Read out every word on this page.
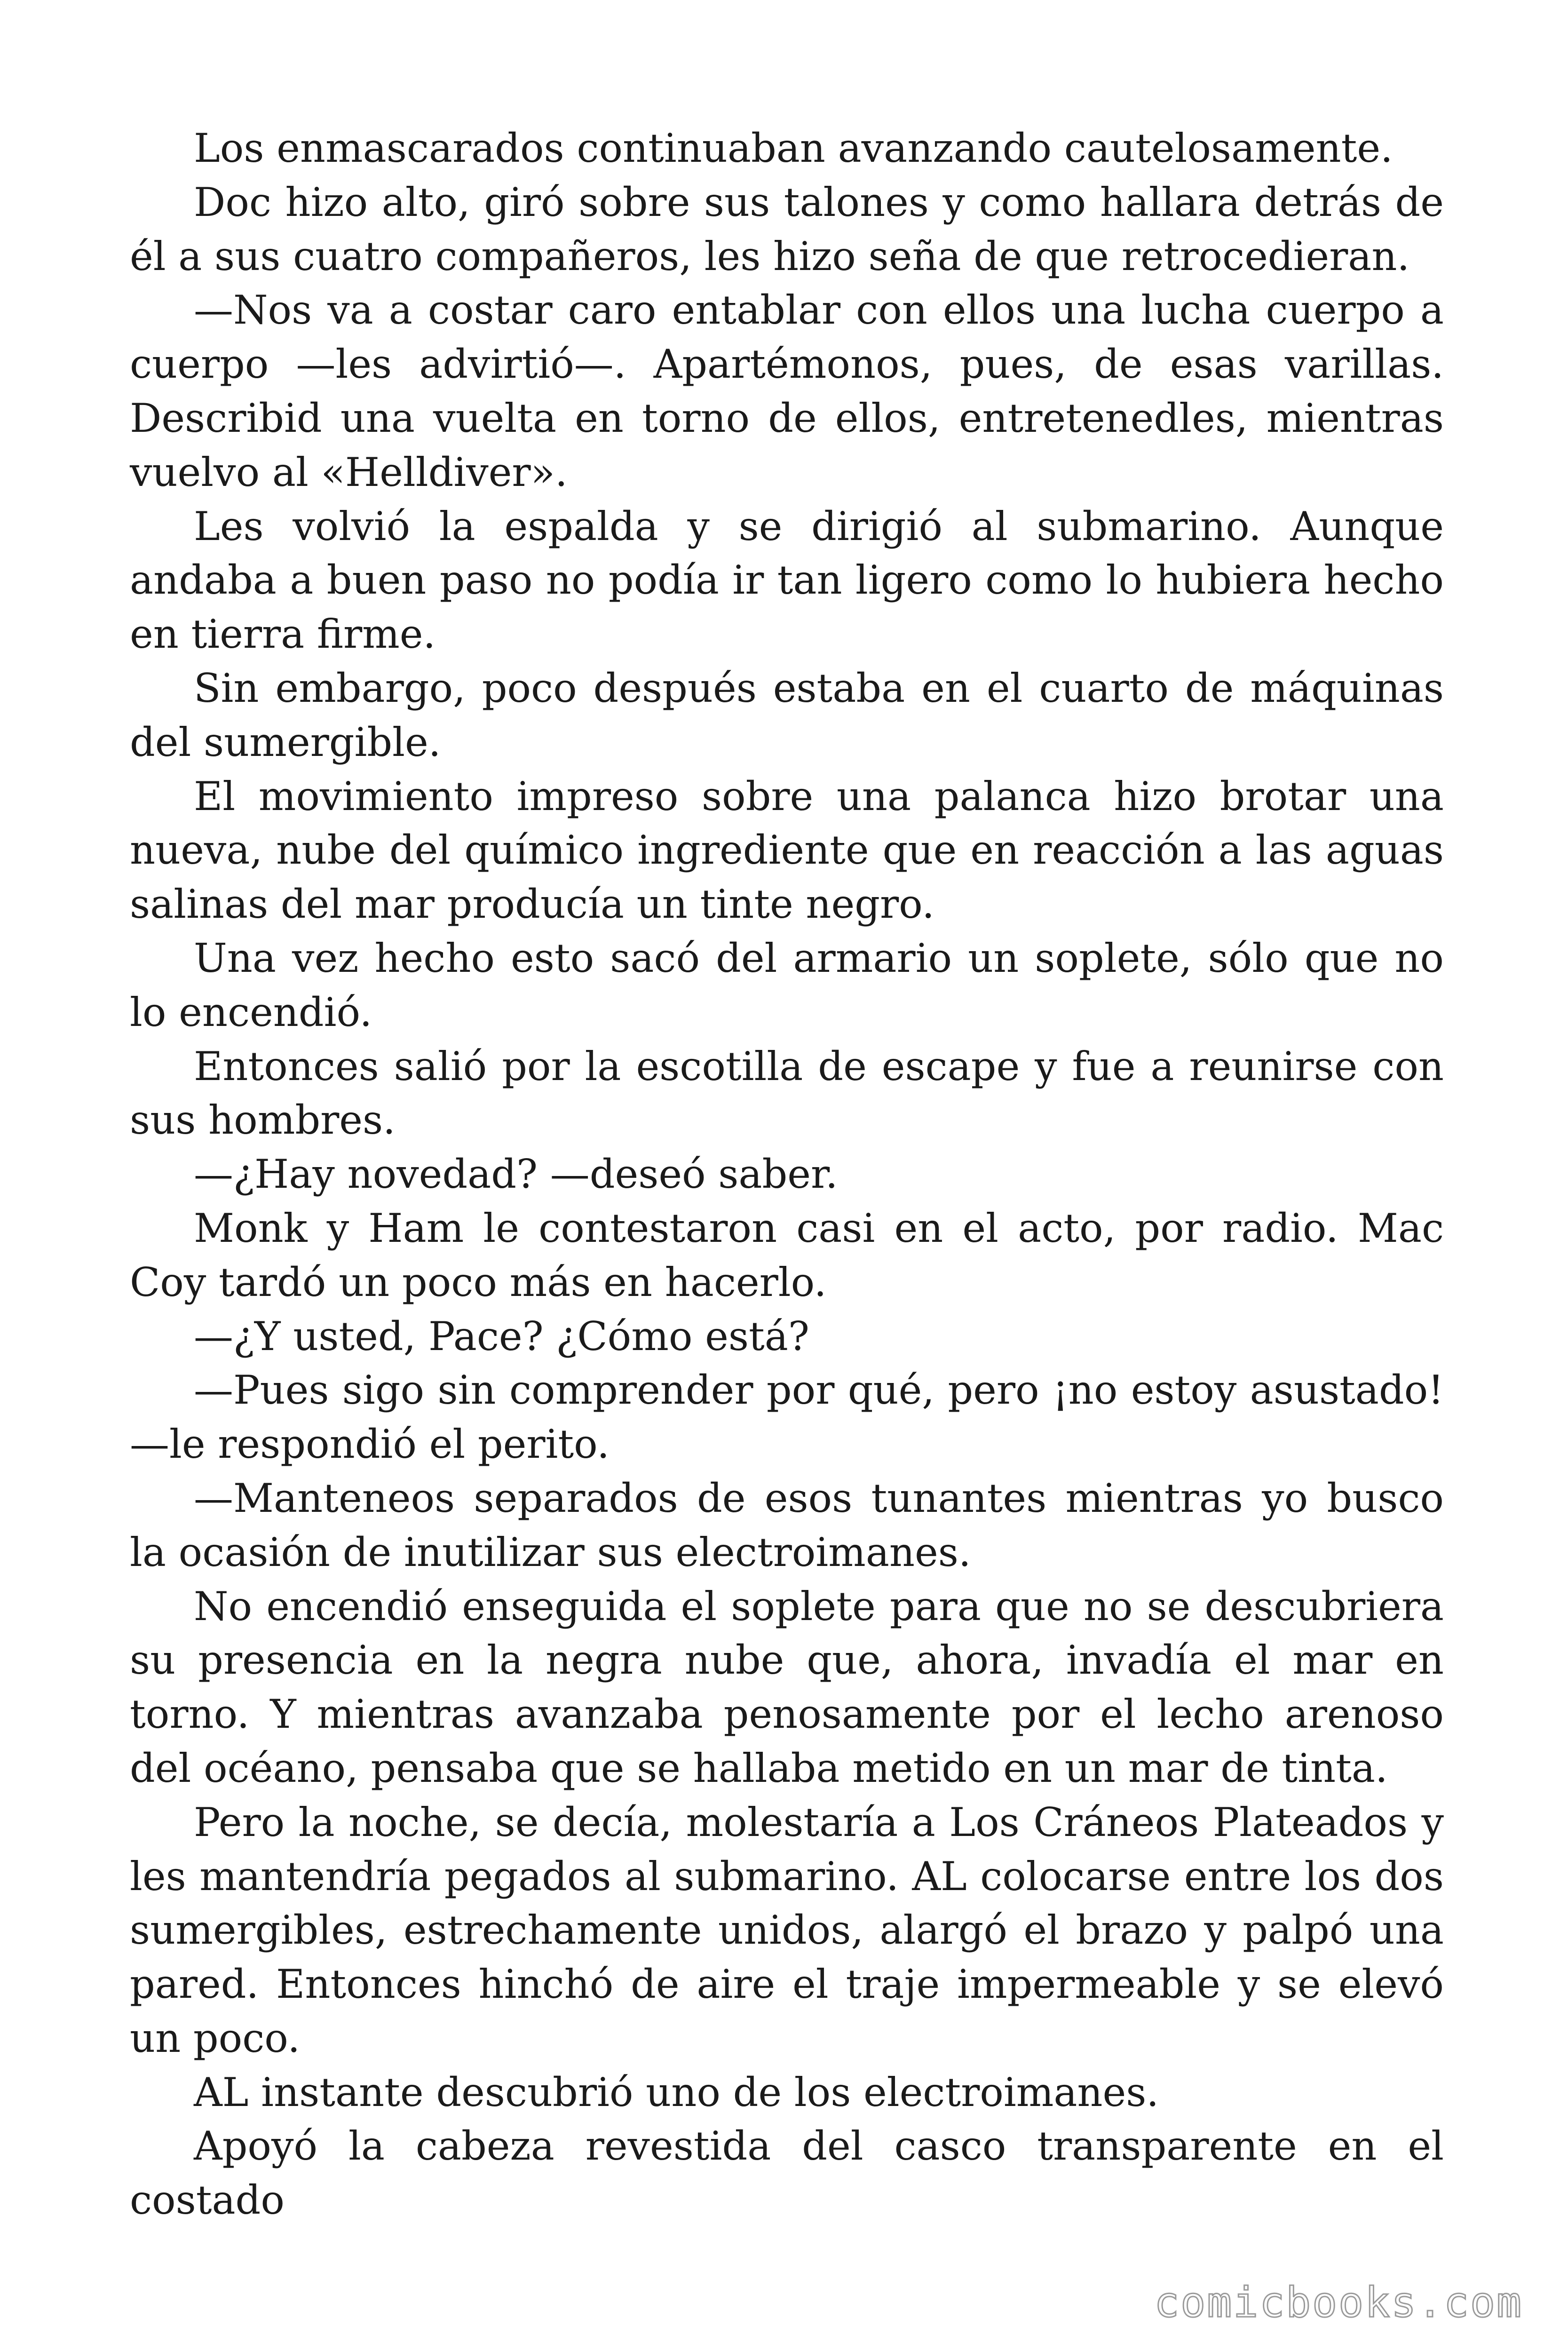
Los enmascarados continuaban avanzando cautelosamente.

Doc hizo alto, giró sobre sus talones y como hallara detrás de él a sus cuatro compañeros, les hizo seña de que retrocedieran.

—Nos va a costar caro entablar con ellos una lucha cuerpo a cuerpo —les advirtió—. Apartémonos, pues, de esas varillas. Describid una vuelta en torno de ellos, entretenedles, mientras vuelvo al «Helldiver».

Les volvió la espalda y se dirigió al submarino. Aunque andaba a buen paso no podía ir tan ligero como lo hubiera hecho en tierra firme.

Sin embargo, poco después estaba en el cuarto de máquinas del sumergible.

El movimiento impreso sobre una palanca hizo brotar una nueva, nube del químico ingrediente que en reacción a las aguas salinas del mar producía un tinte negro.

Una vez hecho esto sacó del armario un soplete, sólo que no lo encendió.

Entonces salió por la escotilla de escape y fue a reunirse con sus hombres.

—¿Hay novedad? —deseó saber.

Monk y Ham le contestaron casi en el acto, por radio. Mac Coy tardó un poco más en hacerlo.

—¿Y usted, Pace? ¿Cómo está?

—Pues sigo sin comprender por qué, pero ¡no estoy asustado! —le respondió el perito.

—Manteneos separados de esos tunantes mientras yo busco la ocasión de inutilizar sus electroimanes.

No encendió enseguida el soplete para que no se descubriera su presencia en la negra nube que, ahora, invadía el mar en torno. Y mientras avanzaba penosamente por el lecho arenoso del océano, pensaba que se hallaba metido en un mar de tinta.

Pero la noche, se decía, molestaría a Los Cráneos Plateados y les mantendría pegados al submarino. AL colocarse entre los dos sumergibles, estrechamente unidos, alargó el brazo y palpó una pared. Entonces hinchó de aire el traje impermeable y se elevó un poco.

AL instante descubrió uno de los electroimanes.

Apoyó la cabeza revestida del casco transparente en el costado

comicbooks.com
